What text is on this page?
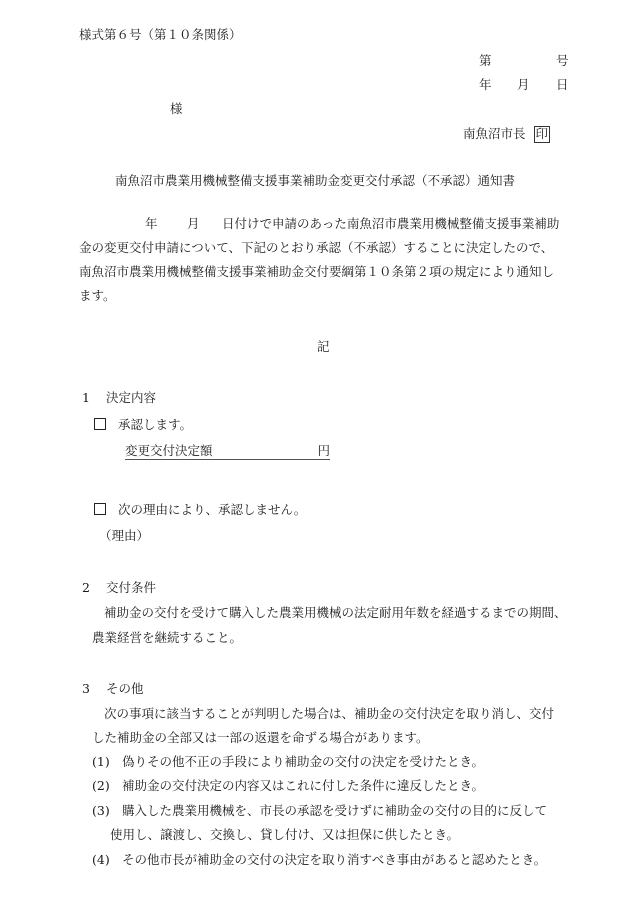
様式第６号（第１０条関係）
第	号
年 月 日
様
南魚沼市長 印
南魚沼市農業用機械整備支援事業補助金変更交付承認（不承認）通知書
年 月 日付けで申請のあった南魚沼市農業用機械整備支援事業補助
金の変更交付申請について、下記のとおり承認（不承認）することに決定したので、
南魚沼市農業用機械整備支援事業補助金交付要綱第１０条第２項の規定により通知し
ます。
記
1 決定内容
承認します。
変更交付決定額	円
次の理由により、承認しません。
（理由）
2 交付条件
補助金の交付を受けて購入した農業用機械の法定耐用年数を経過するまでの期間、
農業経営を継続すること。
3 その他
次の事項に該当することが判明した場合は、補助金の交付決定を取り消し、交付
した補助金の全部又は一部の返還を命ずる場合があります。
(1) 偽りその他不正の手段により補助金の交付の決定を受けたとき。
(2) 補助金の交付決定の内容又はこれに付した条件に違反したとき。
(3) 購入した農業用機械を、市長の承認を受けずに補助金の交付の目的に反して
使用し、譲渡し、交換し、貸し付け、又は担保に供したとき。
(4) その他市長が補助金の交付の決定を取り消すべき事由があると認めたとき。
